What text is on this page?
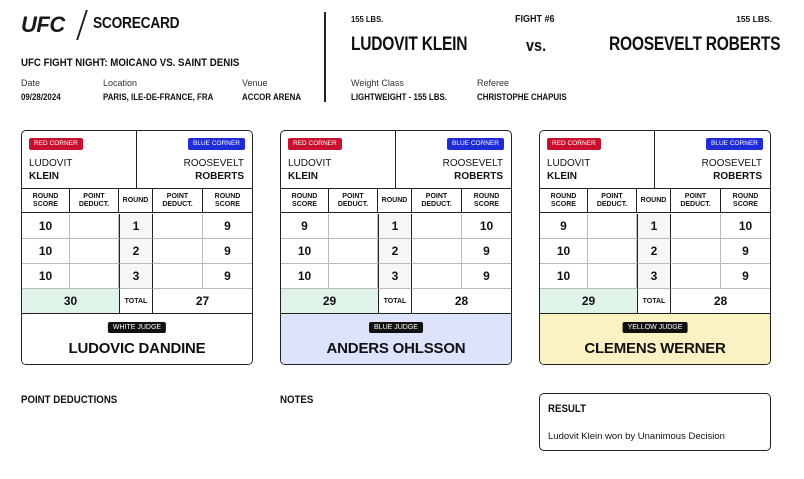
UFC SCORECARD
UFC FIGHT NIGHT: MOICANO VS. SAINT DENIS
Date
09/28/2024
Location
PARIS, ILE-DE-FRANCE, FRA
Venue
ACCOR ARENA
155 LBS.	FIGHT #6	155 LBS.
LUDOVIT KLEIN	vs.	ROOSEVELT ROBERTS
Weight Class
LIGHTWEIGHT - 155 LBS.
Referee
CHRISTOPHE CHAPUIS
RED CORNER	BLUE CORNER
LUDOVIT
KLEIN
ROOSEVELT
ROBERTS
ROUND SCORE
POINT DEDUCT.
ROUND
POINT DEDUCT.
ROUND SCORE
10	1	9
10	2	9
10	3	9
30	TOTAL	27
WHITE JUDGE
LUDOVIC DANDINE
RED CORNER	BLUE CORNER
LUDOVIT
KLEIN
ROOSEVELT
ROBERTS
ROUND SCORE
POINT DEDUCT.
ROUND
POINT DEDUCT.
ROUND SCORE
9	1	10
10	2	9
10	3	9
29	TOTAL	28
BLUE JUDGE
ANDERS OHLSSON
RED CORNER	BLUE CORNER
LUDOVIT
KLEIN
ROOSEVELT
ROBERTS
ROUND SCORE
POINT DEDUCT.
ROUND
POINT DEDUCT.
ROUND SCORE
9	1	10
10	2	9
10	3	9
29	TOTAL	28
YELLOW JUDGE
CLEMENS WERNER
POINT DEDUCTIONS	NOTES
RESULT
Ludovit Klein won by Unanimous Decision
